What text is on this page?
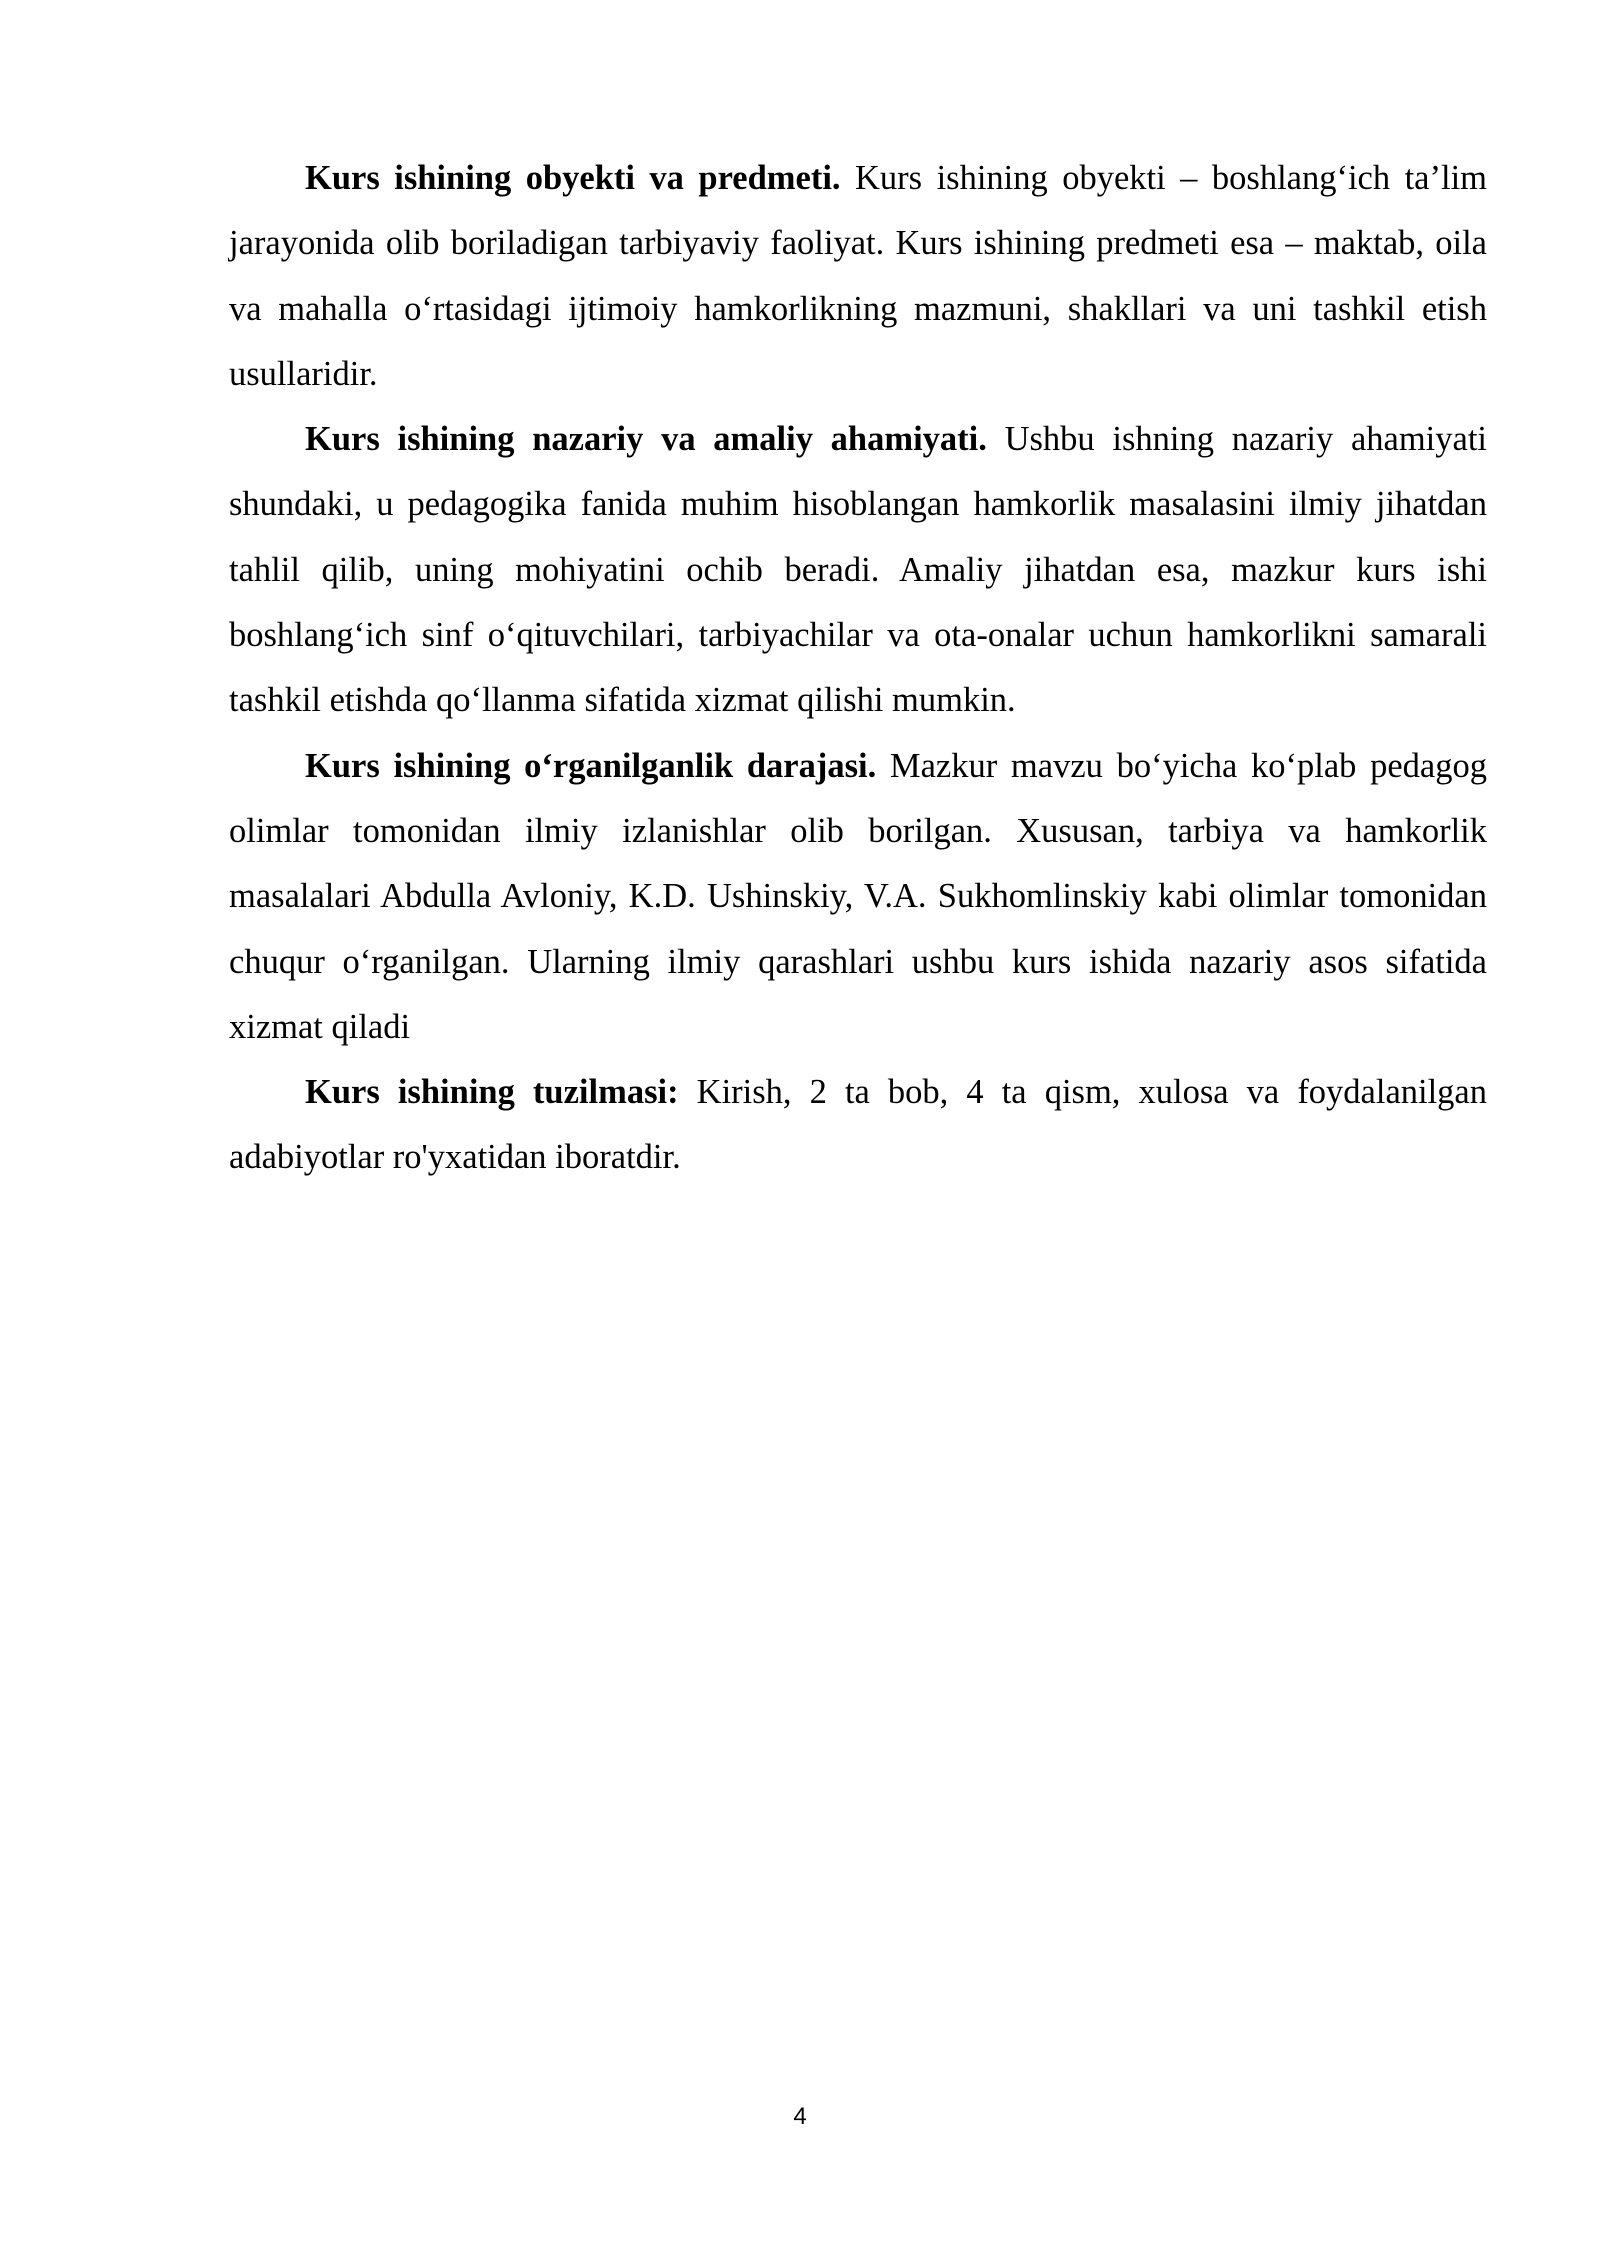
Kurs ishining obyekti va predmeti. Kurs ishining obyekti – boshlang‘ich ta’lim jarayonida olib boriladigan tarbiyaviy faoliyat. Kurs ishining predmeti esa – maktab, oila va mahalla o‘rtasidagi ijtimoiy hamkorlikning mazmuni, shakllari va uni tashkil etish usullaridir.

Kurs ishining nazariy va amaliy ahamiyati. Ushbu ishning nazariy ahamiyati shundaki, u pedagogika fanida muhim hisoblangan hamkorlik masalasini ilmiy jihatdan tahlil qilib, uning mohiyatini ochib beradi. Amaliy jihatdan esa, mazkur kurs ishi boshlang‘ich sinf o‘qituvchilari, tarbiyachilar va ota-onalar uchun hamkorlikni samarali tashkil etishda qo‘llanma sifatida xizmat qilishi mumkin.

Kurs ishining o‘rganilganlik darajasi. Mazkur mavzu bo‘yicha ko‘plab pedagog olimlar tomonidan ilmiy izlanishlar olib borilgan. Xususan, tarbiya va hamkorlik masalalari Abdulla Avloniy, K.D. Ushinskiy, V.A. Sukhomlinskiy kabi olimlar tomonidan chuqur o‘rganilgan. Ularning ilmiy qarashlari ushbu kurs ishida nazariy asos sifatida xizmat qiladi

Kurs ishining tuzilmasi: Kirish, 2 ta bob, 4 ta qism, xulosa va foydalanilgan adabiyotlar ro'yxatidan iboratdir.

4
